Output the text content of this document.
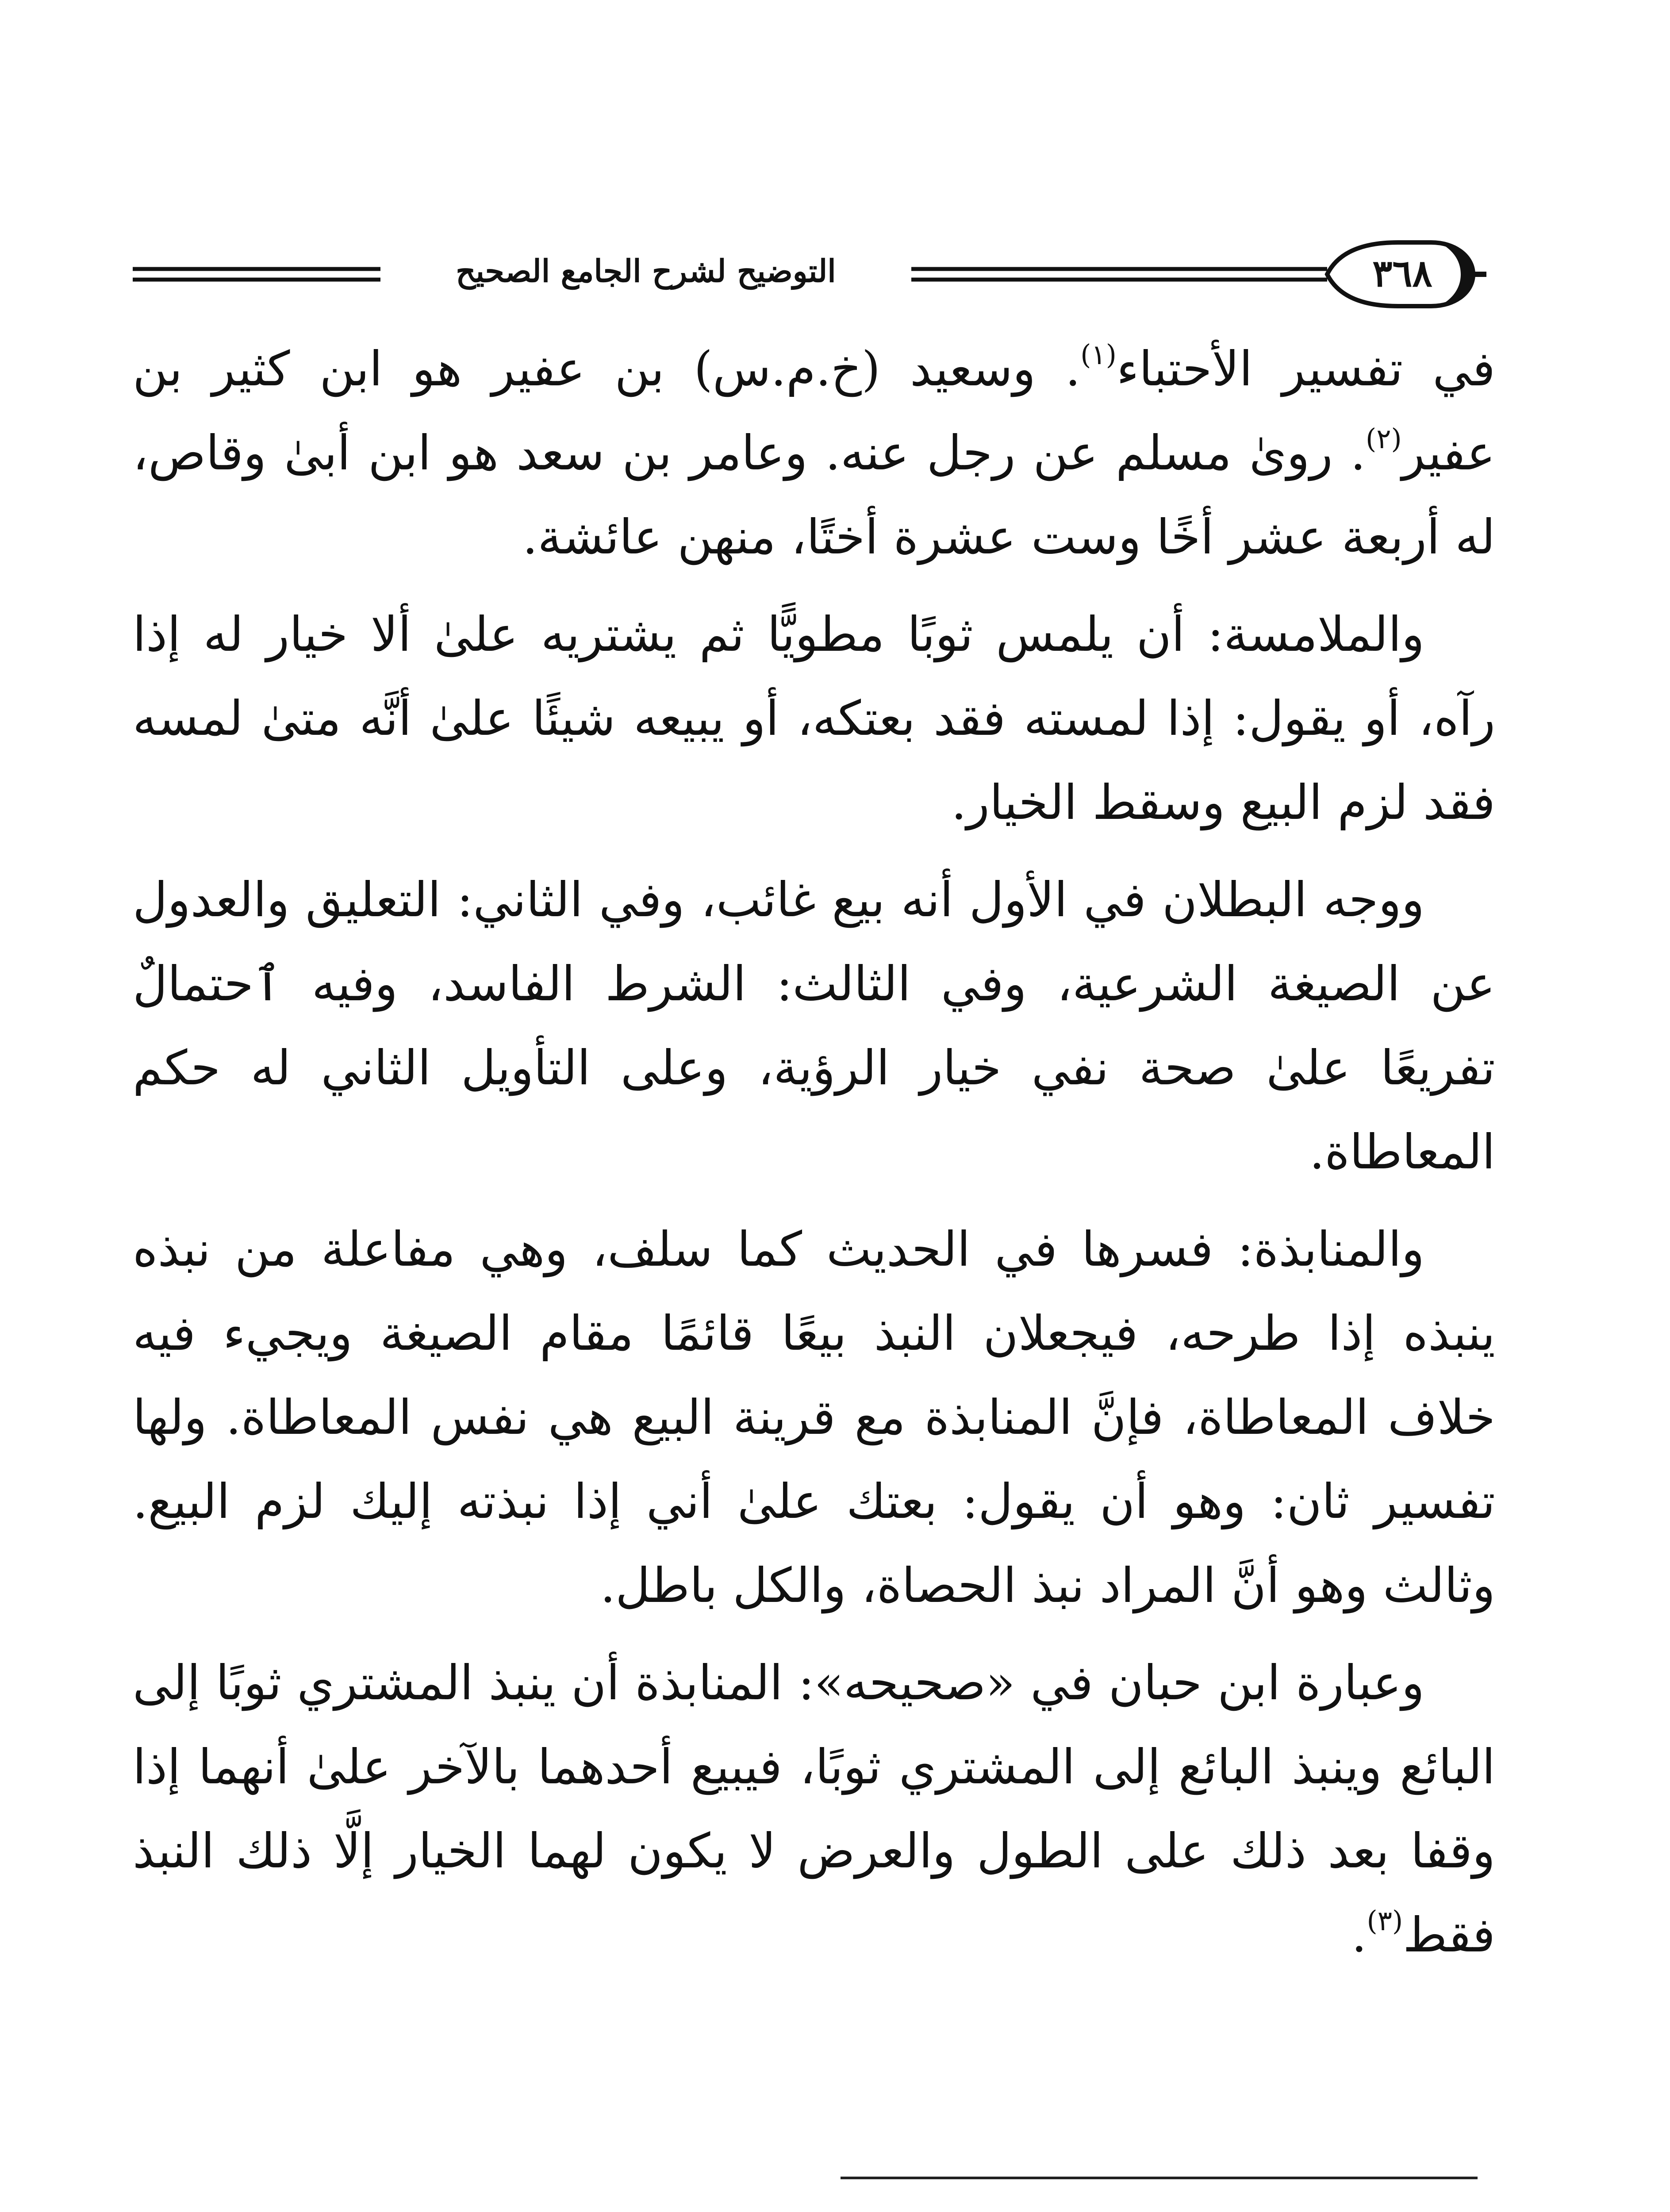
التوضيح لشرح الجامع الصحيح	٣٦٨

في تفسير الأحتباء$^{(١)}$. وسعيد (خ.م.س) بن عفير هو ابن كثير بن عفير$^{(٢)}$. رویٰ مسلم عن رجل عنه. وعامر بن سعد هو ابن أبیٰ وقاص، له أربعة عشر أخًا وست عشرة أختًا، منهن عائشة.

والملامسة: أن يلمس ثوبًا مطويًّا ثم يشتريه علىٰ ألا خيار له إذا رآه، أو يقول: إذا لمسته فقد بعتكه، أو يبيعه شيئًا علىٰ أنَّه متىٰ لمسه فقد لزم البيع وسقط الخيار.

ووجه البطلان في الأول أنه بيع غائب، وفي الثاني: التعليق والعدول عن الصيغة الشرعية، وفي الثالث: الشرط الفاسد، وفيه ٱحتمالٌ تفريعًا علىٰ صحة نفي خيار الرؤية، وعلى التأويل الثاني له حكم المعاطاة.

والمنابذة: فسرها في الحديث كما سلف، وهي مفاعلة من نبذه ينبذه إذا طرحه، فيجعلان النبذ بيعًا قائمًا مقام الصيغة ويجيء فيه خلاف المعاطاة، فإنَّ المنابذة مع قرينة البيع هي نفس المعاطاة. ولها تفسير ثان: وهو أن يقول: بعتك علىٰ أني إذا نبذته إليك لزم البيع. وثالث وهو أنَّ المراد نبذ الحصاة، والكل باطل.

وعبارة ابن حبان في «صحيحه»: المنابذة أن ينبذ المشتري ثوبًا إلى البائع وينبذ البائع إلى المشتري ثوبًا، فيبيع أحدهما بالآخر علىٰ أنهما إذا وقفا بعد ذلك على الطول والعرض لا يكون لهما الخيار إلَّا ذلك النبذ فقط$^{(٣)}$.
